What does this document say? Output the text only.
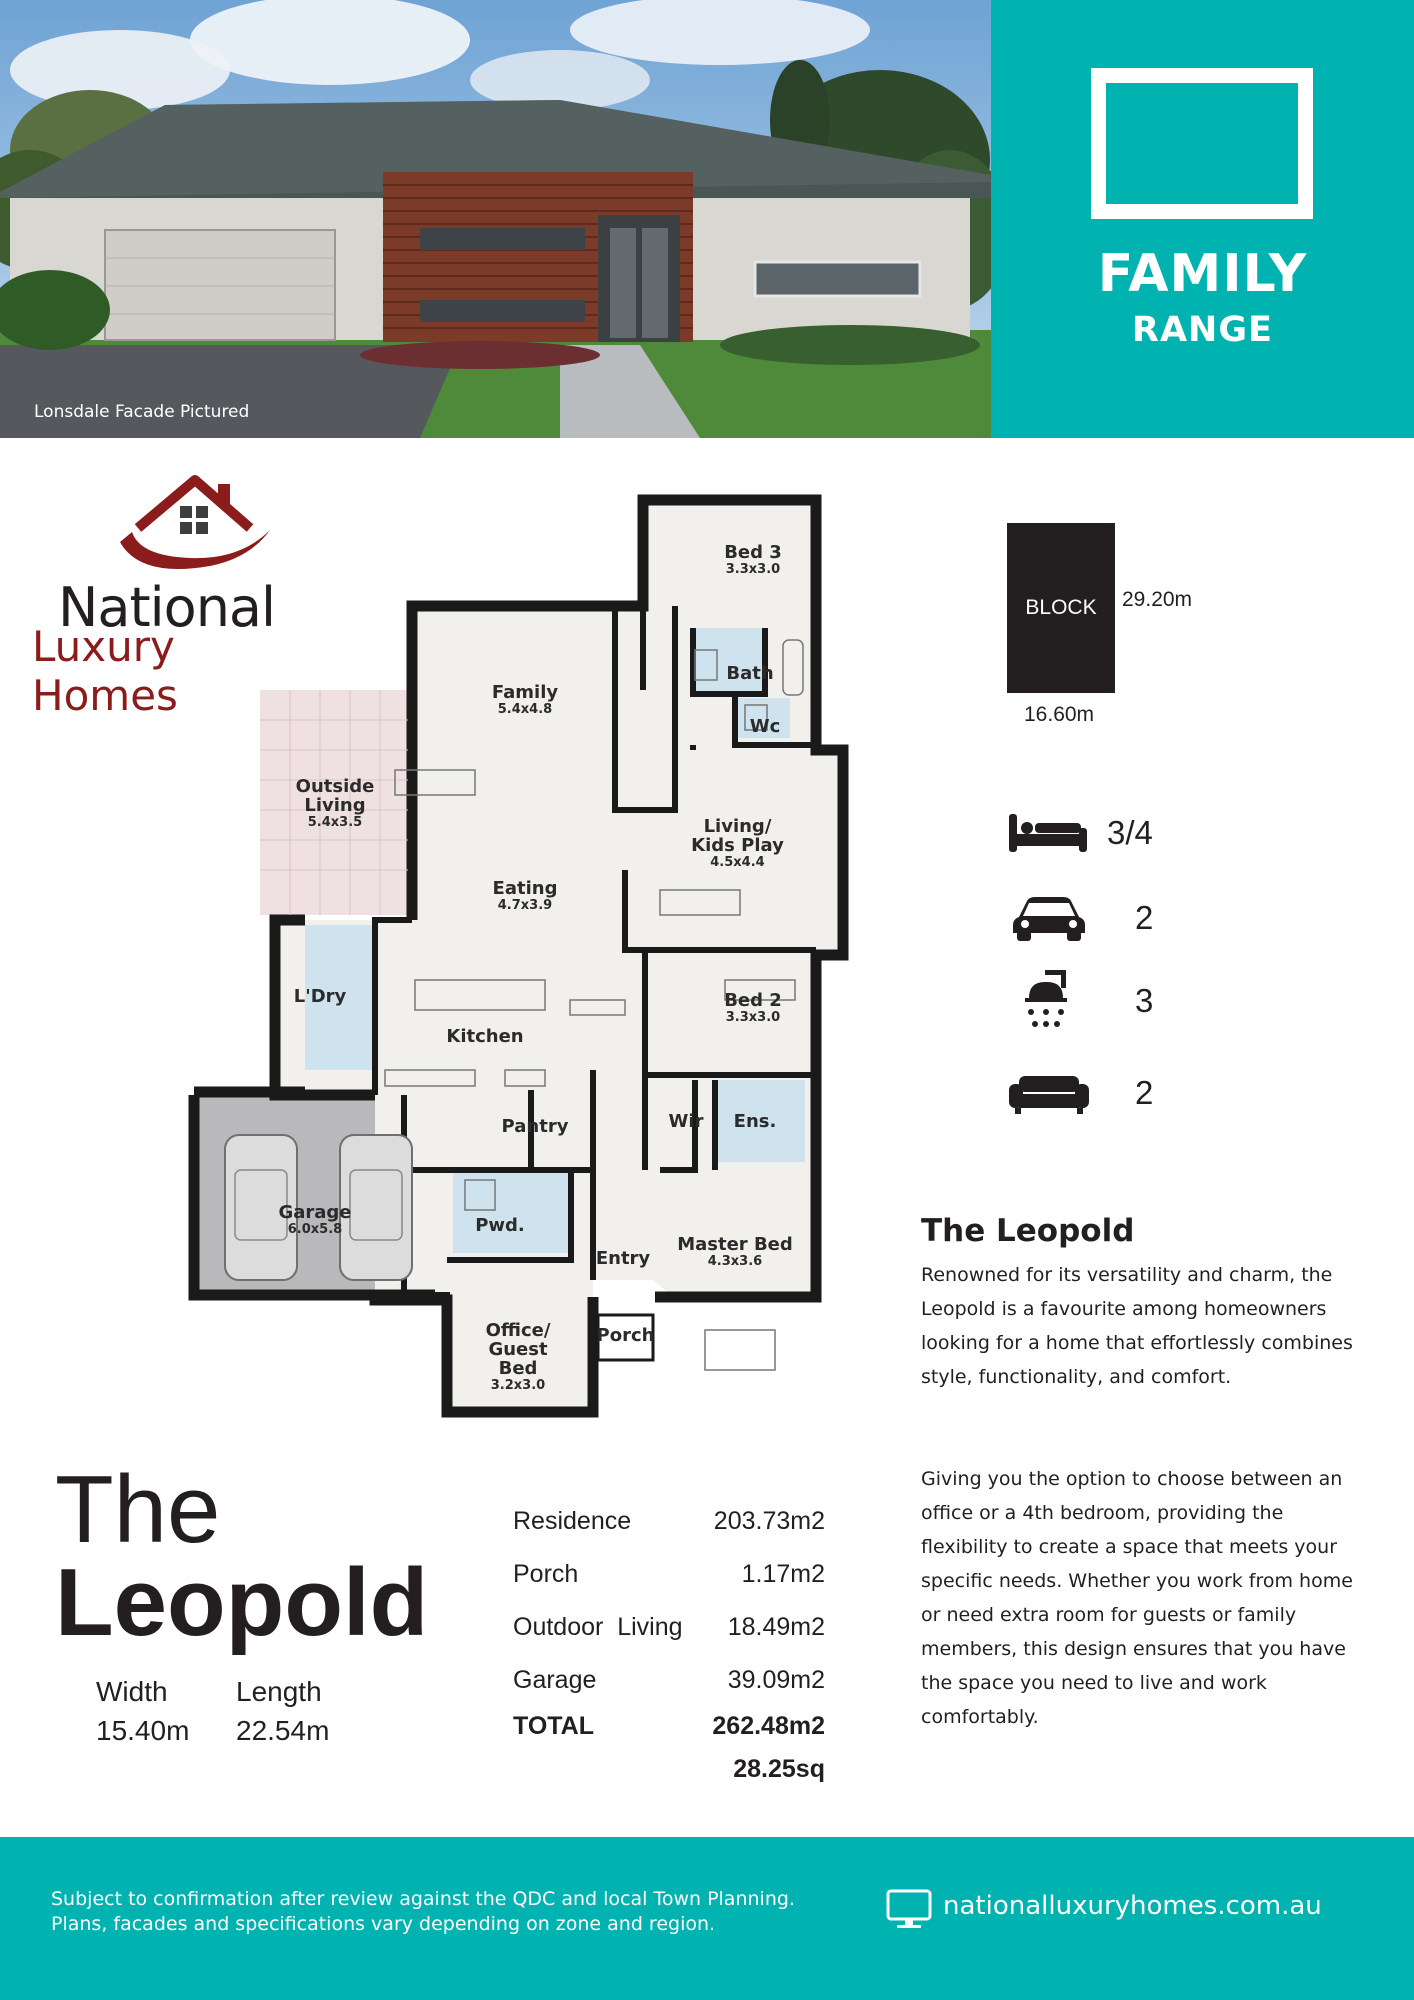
Lonsdale Facade Pictured
FAMILY
RANGE
National
Luxury Homes
Bed 3
3.3x3.0
Bath
Wc
Family
5.4x4.8
Outside Living
5.4x3.5
Eating
4.7x3.9
Living/ Kids Play
4.5x4.4
L'Dry
Kitchen
Bed 2
3.3x3.0
Pantry	Wir Ens.
Garage
6.0x5.8	Pwd.
Entry
Master Bed
4.3x3.6
Office/ Guest Bed
3.2x3.0
Porch
BLOCK	29.20m
16.60m
3/4
2
3
2
The Leopold
Renowned for its versatility and charm, the Leopold is a favourite among homeowners looking for a home that effortlessly combines style, functionality, and comfort.
Giving you the option to choose between an office or a 4th bedroom, providing the flexibility to create a space that meets your specific needs. Whether you work from home or need extra room for guests or family members, this design ensures that you have the space you need to live and work comfortably.
The
Leopold
Width
15.40m
Length
22.54m
Residence	203.73m2
Porch	1.17m2
Outdoor  Living 18.49m2
Garage	39.09m2
TOTAL	262.48m2
28.25sq
Subject to confirmation after review against the QDC and local Town Planning.
Plans, facades and specifications vary depending on zone and region.
nationalluxuryhomes.com.au
